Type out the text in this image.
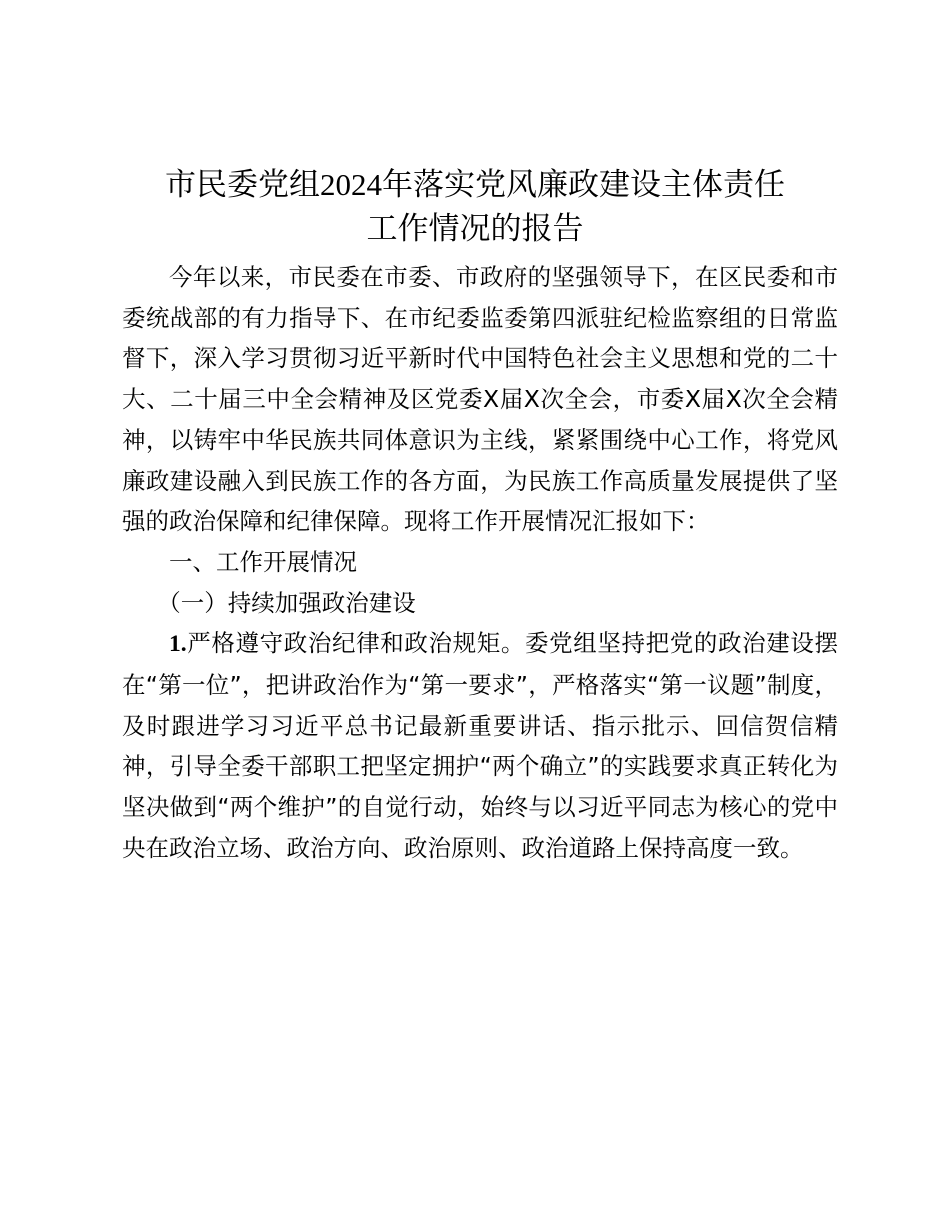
市民委党组2024年落实党风廉政建设主体责任
工作情况的报告

今年以来，市民委在市委、市政府的坚强领导下，在区民委和市委统战部的有力指导下、在市纪委监委第四派驻纪检监察组的日常监督下，深入学习贯彻习近平新时代中国特色社会主义思想和党的二十大、二十届三中全会精神及区党委X届X次全会，市委X届X次全会精神，以铸牢中华民族共同体意识为主线，紧紧围绕中心工作，将党风廉政建设融入到民族工作的各方面，为民族工作高质量发展提供了坚强的政治保障和纪律保障。现将工作开展情况汇报如下：

一、工作开展情况

（一）持续加强政治建设

1.严格遵守政治纪律和政治规矩。委党组坚持把党的政治建设摆在“第一位”，把讲政治作为“第一要求”，严格落实“第一议题”制度，及时跟进学习习近平总书记最新重要讲话、指示批示、回信贺信精神，引导全委干部职工把坚定拥护“两个确立”的实践要求真正转化为坚决做到“两个维护”的自觉行动，始终与以习近平同志为核心的党中央在政治立场、政治方向、政治原则、政治道路上保持高度一致。
